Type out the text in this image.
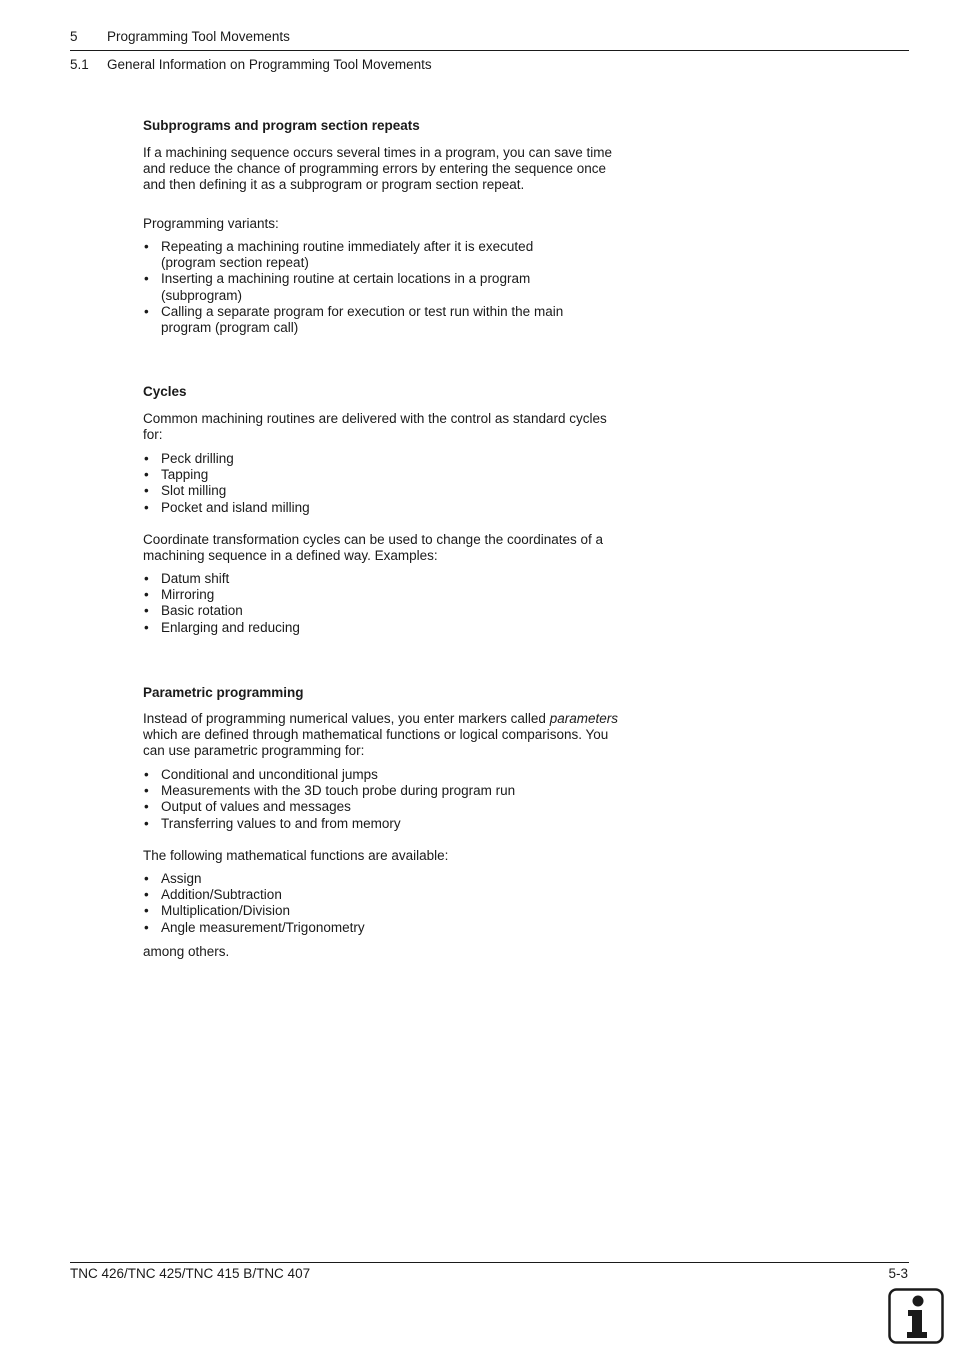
5 Programming Tool Movements
5.1 General Information on Programming Tool Movements
Subprograms and program section repeats
If a machining sequence occurs several times in a program, you can save time and reduce the chance of programming errors by entering the sequence once and then defining it as a subprogram or program section repeat.
Programming variants:
• Repeating a machining routine immediately after it is executed (program section repeat)
• Inserting a machining routine at certain locations in a program (subprogram)
• Calling a separate program for execution or test run within the main program (program call)
Cycles
Common machining routines are delivered with the control as standard cycles for:
• Peck drilling
• Tapping
• Slot milling
• Pocket and island milling
Coordinate transformation cycles can be used to change the coordinates of a machining sequence in a defined way. Examples:
• Datum shift
• Mirroring
• Basic rotation
• Enlarging and reducing
Parametric programming
Instead of programming numerical values, you enter markers called parameters which are defined through mathematical functions or logical comparisons. You can use parametric programming for:
• Conditional and unconditional jumps
• Measurements with the 3D touch probe during program run
• Output of values and messages
• Transferring values to and from memory
The following mathematical functions are available:
• Assign
• Addition/Subtraction
• Multiplication/Division
• Angle measurement/Trigonometry
among others.
TNC 426/TNC 425/TNC 415 B/TNC 407	5-3
